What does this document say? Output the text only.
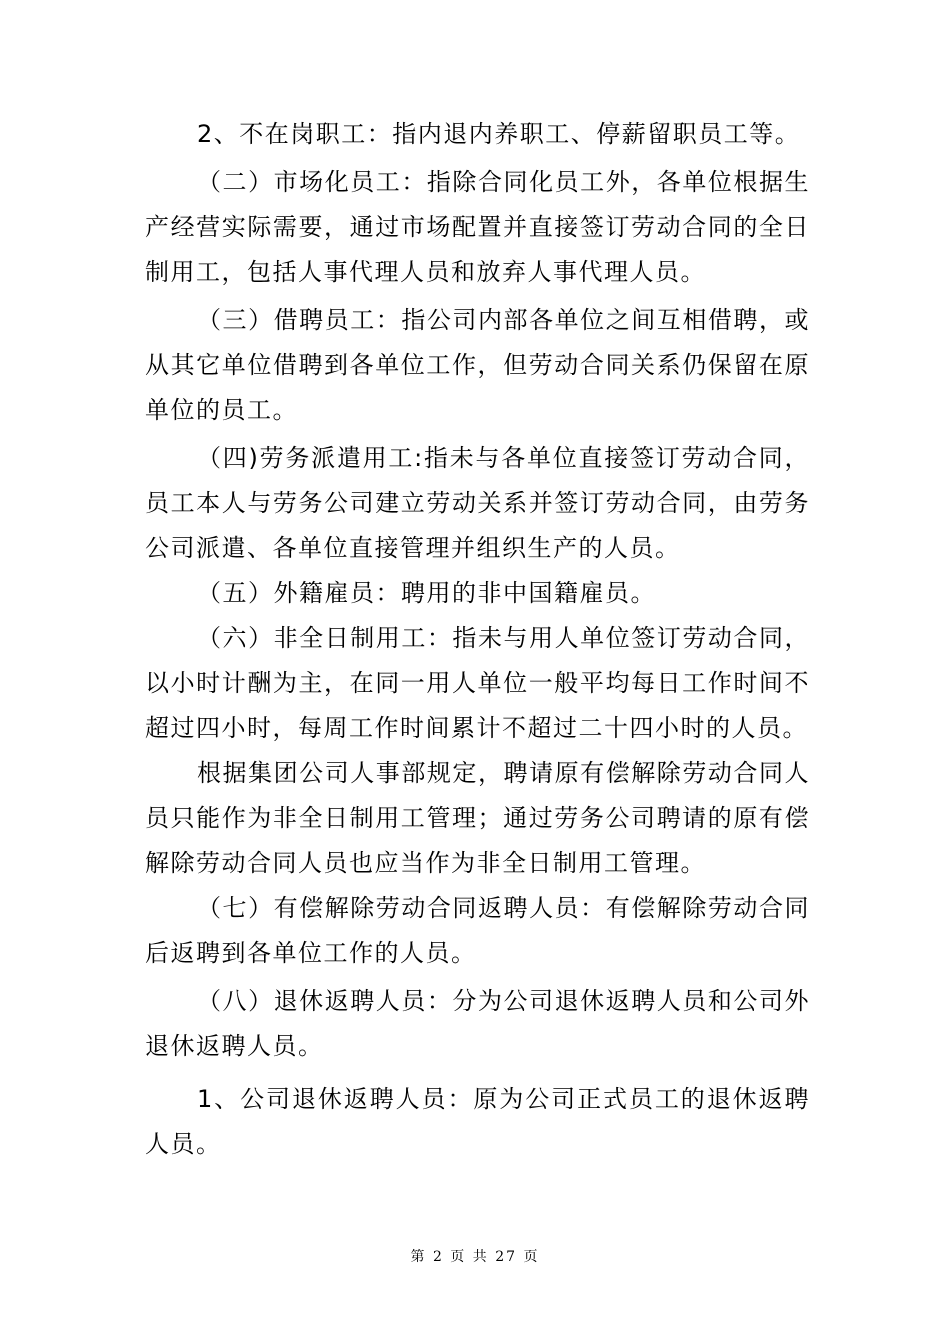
2、不在岗职工：指内退内养职工、停薪留职员工等。

（二）市场化员工：指除合同化员工外，各单位根据生产经营实际需要，通过市场配置并直接签订劳动合同的全日制用工，包括人事代理人员和放弃人事代理人员。

（三）借聘员工：指公司内部各单位之间互相借聘，或从其它单位借聘到各单位工作，但劳动合同关系仍保留在原单位的员工。

（四)劳务派遣用工:指未与各单位直接签订劳动合同，员工本人与劳务公司建立劳动关系并签订劳动合同，由劳务公司派遣、各单位直接管理并组织生产的人员。

（五）外籍雇员：聘用的非中国籍雇员。

（六）非全日制用工：指未与用人单位签订劳动合同，以小时计酬为主，在同一用人单位一般平均每日工作时间不超过四小时，每周工作时间累计不超过二十四小时的人员。

根据集团公司人事部规定，聘请原有偿解除劳动合同人员只能作为非全日制用工管理；通过劳务公司聘请的原有偿解除劳动合同人员也应当作为非全日制用工管理。

（七）有偿解除劳动合同返聘人员：有偿解除劳动合同后返聘到各单位工作的人员。

（八）退休返聘人员：分为公司退休返聘人员和公司外退休返聘人员。

1、公司退休返聘人员：原为公司正式员工的退休返聘人员。

第 2 页 共 27 页
